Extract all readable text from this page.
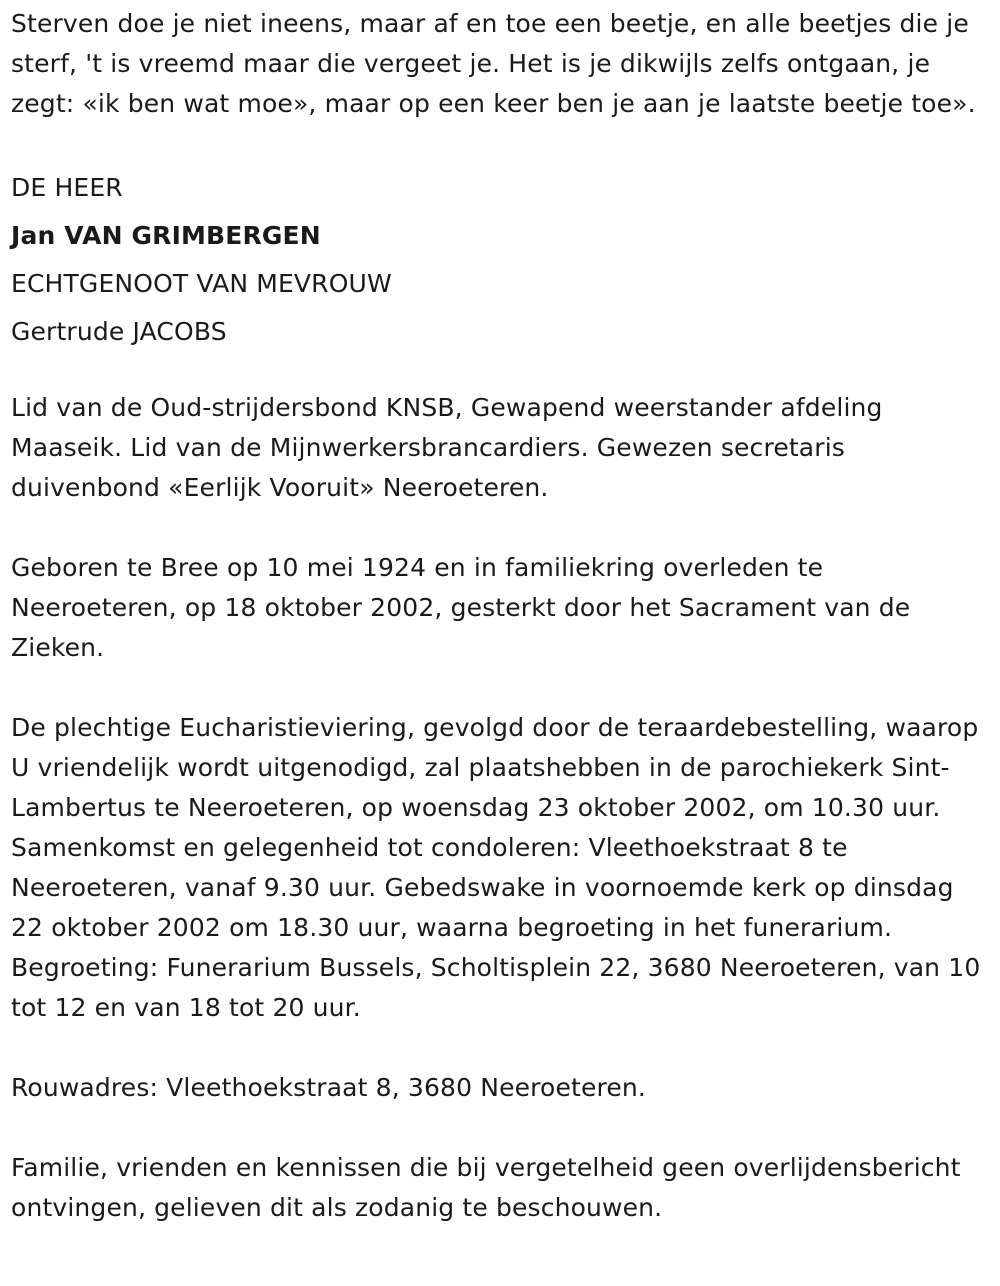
Sterven doe je niet ineens, maar af en toe een beetje, en alle beetjes die je sterf, 't is vreemd maar die vergeet je. Het is je dikwijls zelfs ontgaan, je zegt: «ik ben wat moe», maar op een keer ben je aan je laatste beetje toe».

DE HEER

Jan VAN GRIMBERGEN

ECHTGENOOT VAN MEVROUW

Gertrude JACOBS

Lid van de Oud-strijdersbond KNSB, Gewapend weerstander afdeling Maaseik. Lid van de Mijnwerkersbrancardiers. Gewezen secretaris duivenbond «Eerlijk Vooruit» Neeroeteren.

Geboren te Bree op 10 mei 1924 en in familiekring overleden te Neeroeteren, op 18 oktober 2002, gesterkt door het Sacrament van de Zieken.

De plechtige Eucharistieviering, gevolgd door de teraardebestelling, waarop U vriendelijk wordt uitgenodigd, zal plaatshebben in de parochiekerk Sint-Lambertus te Neeroeteren, op woensdag 23 oktober 2002, om 10.30 uur. Samenkomst en gelegenheid tot condoleren: Vleethoekstraat 8 te Neeroeteren, vanaf 9.30 uur. Gebedswake in voornoemde kerk op dinsdag 22 oktober 2002 om 18.30 uur, waarna begroeting in het funerarium. Begroeting: Funerarium Bussels, Scholtisplein 22, 3680 Neeroeteren, van 10 tot 12 en van 18 tot 20 uur.

Rouwadres: Vleethoekstraat 8, 3680 Neeroeteren.

Familie, vrienden en kennissen die bij vergetelheid geen overlijdensbericht ontvingen, gelieven dit als zodanig te beschouwen.
